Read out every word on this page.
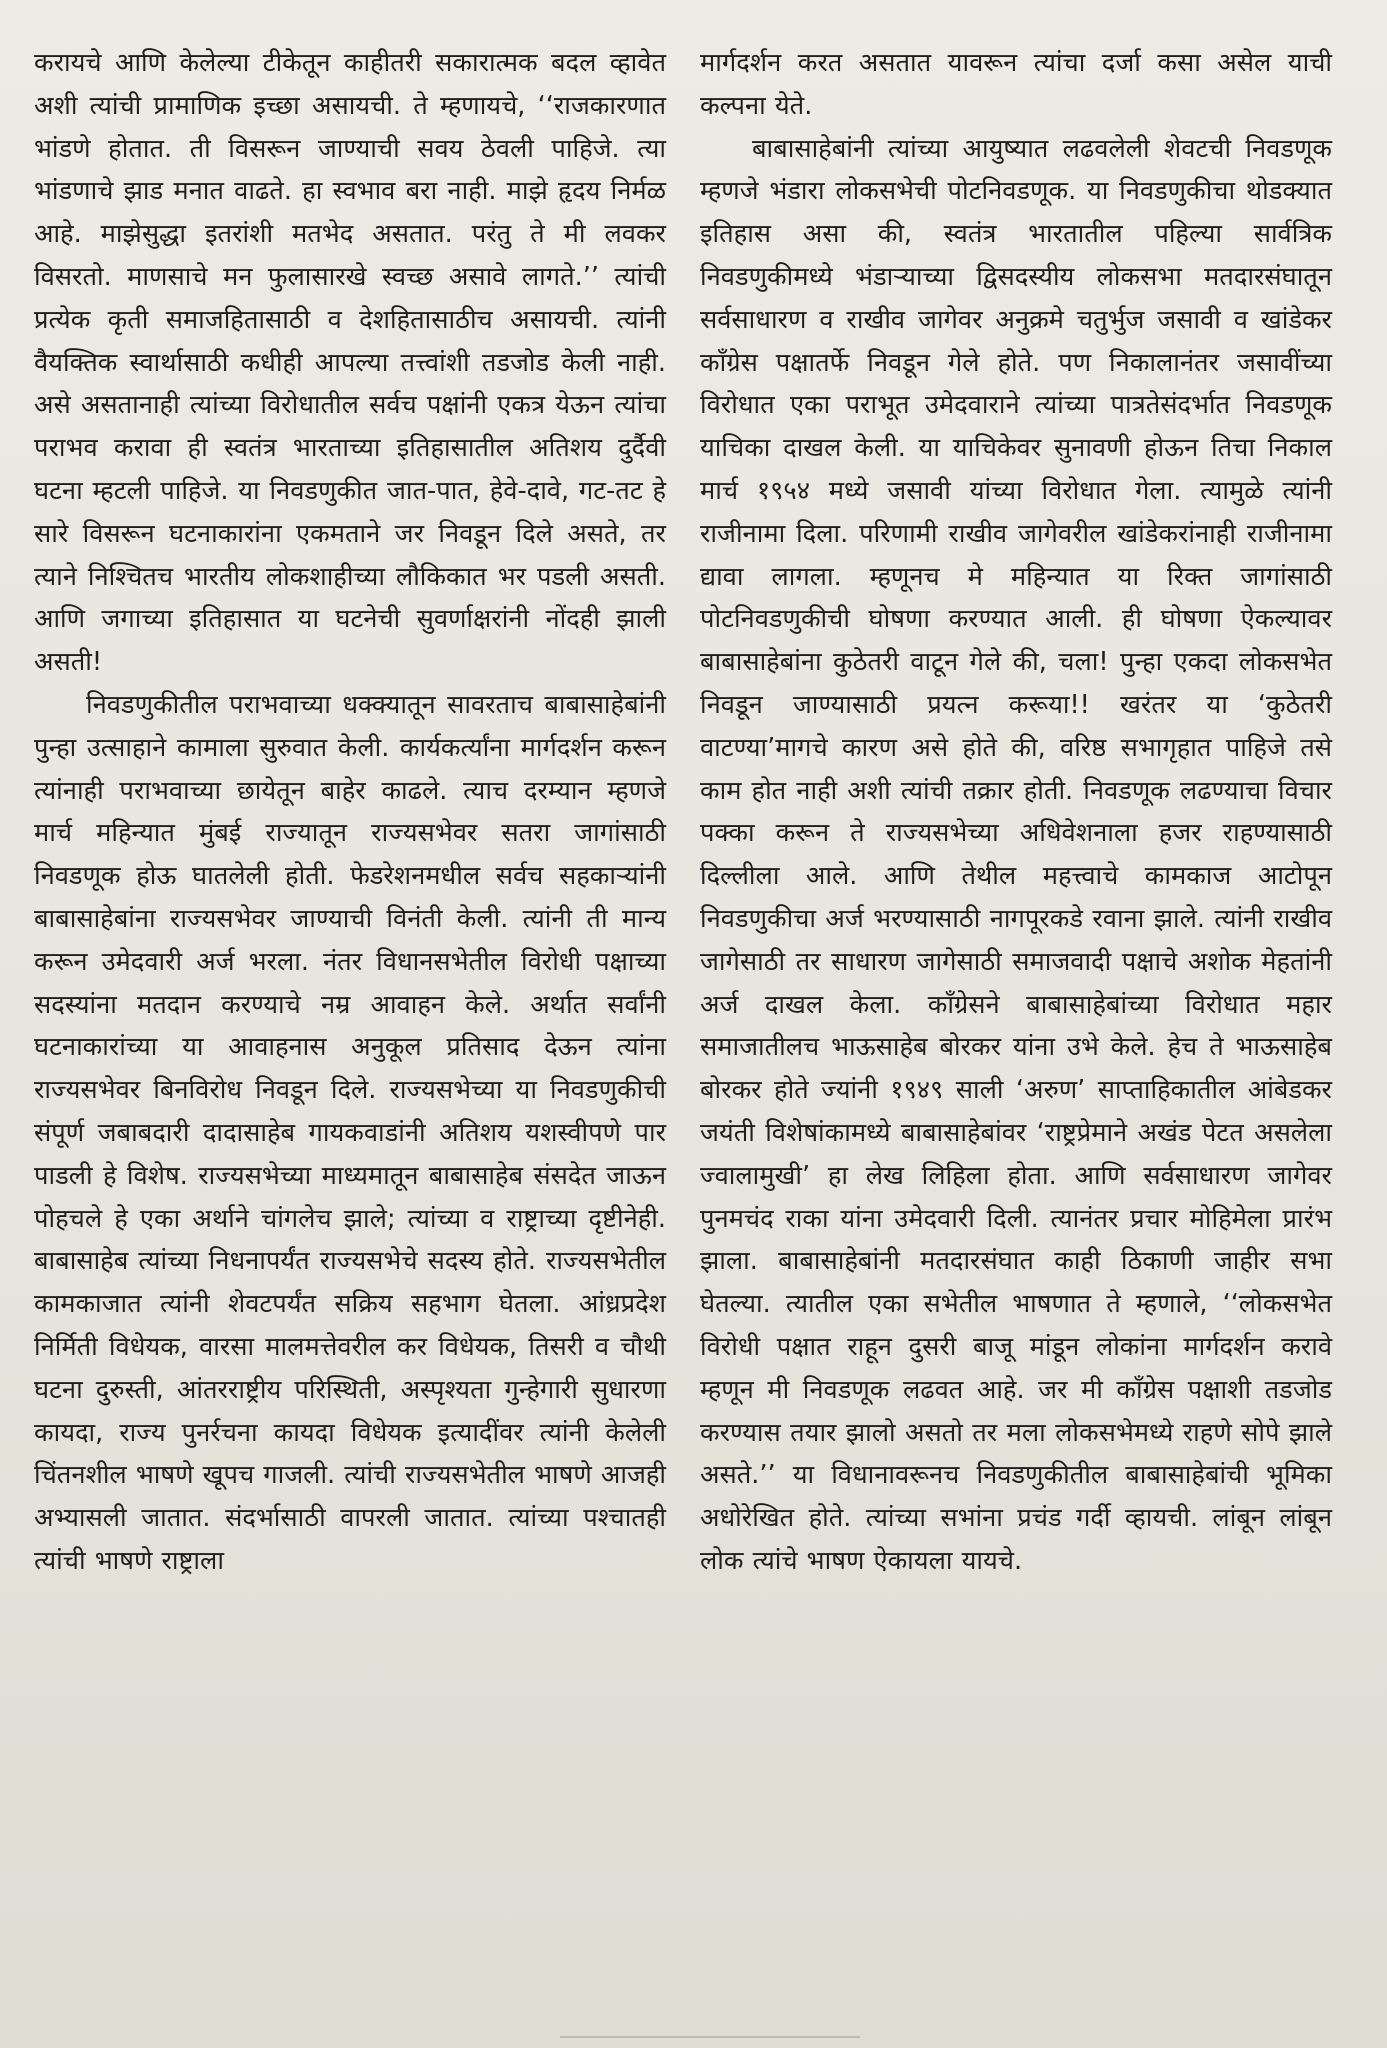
करायचे आणि केलेल्या टीकेतून काहीतरी सकारात्मक बदल व्हावेत अशी त्यांची प्रामाणिक इच्छा असायची. ते म्हणायचे, ‘‘राजकारणात भांडणे होतात. ती विसरून जाण्याची सवय ठेवली पाहिजे. त्या भांडणाचे झाड मनात वाढते. हा स्वभाव बरा नाही. माझे हृदय निर्मळ आहे. माझेसुद्धा इतरांशी मतभेद असतात. परंतु ते मी लवकर विसरतो. माणसाचे मन फुलासारखे स्वच्छ असावे लागते.’’ त्यांची प्रत्येक कृती समाजहितासाठी व देशहितासाठीच असायची. त्यांनी वैयक्तिक स्वार्थासाठी कधीही आपल्या तत्त्वांशी तडजोड केली नाही. असे असतानाही त्यांच्या विरोधातील सर्वच पक्षांनी एकत्र येऊन त्यांचा पराभव करावा ही स्वतंत्र भारताच्या इतिहासातील अतिशय दुर्दैवी घटना म्हटली पाहिजे. या निवडणुकीत जात-पात, हेवे-दावे, गट-तट हे सारे विसरून घटनाकारांना एकमताने जर निवडून दिले असते, तर त्याने निश्चितच भारतीय लोकशाहीच्या लौकिकात भर पडली असती. आणि जगाच्या इतिहासात या घटनेची सुवर्णाक्षरांनी नोंदही झाली असती!

निवडणुकीतील पराभवाच्या धक्क्यातून सावरताच बाबासाहेबांनी पुन्हा उत्साहाने कामाला सुरुवात केली. कार्यकर्त्यांना मार्गदर्शन करून त्यांनाही पराभवाच्या छायेतून बाहेर काढले. त्याच दरम्यान म्हणजे मार्च महिन्यात मुंबई राज्यातून राज्यसभेवर सतरा जागांसाठी निवडणूक होऊ घातलेली होती. फेडरेशनमधील सर्वच सहकाऱ्यांनी बाबासाहेबांना राज्यसभेवर जाण्याची विनंती केली. त्यांनी ती मान्य करून उमेदवारी अर्ज भरला. नंतर विधानसभेतील विरोधी पक्षाच्या सदस्यांना मतदान करण्याचे नम्र आवाहन केले. अर्थात सर्वांनी घटनाकारांच्या या आवाहनास अनुकूल प्रतिसाद देऊन त्यांना राज्यसभेवर बिनविरोध निवडून दिले. राज्यसभेच्या या निवडणुकीची संपूर्ण जबाबदारी दादासाहेब गायकवाडांनी अतिशय यशस्वीपणे पार पाडली हे विशेष. राज्यसभेच्या माध्यमातून बाबासाहेब संसदेत जाऊन पोहचले हे एका अर्थाने चांगलेच झाले; त्यांच्या व राष्ट्राच्या दृष्टीनेही. बाबासाहेब त्यांच्या निधनापर्यंत राज्यसभेचे सदस्य होते. राज्यसभेतील कामकाजात त्यांनी शेवटपर्यंत सक्रिय सहभाग घेतला. आंध्रप्रदेश निर्मिती विधेयक, वारसा मालमत्तेवरील कर विधेयक, तिसरी व चौथी घटना दुरुस्ती, आंतरराष्ट्रीय परिस्थिती, अस्पृश्यता गुन्हेगारी सुधारणा कायदा, राज्य पुनर्रचना कायदा विधेयक इत्यादींवर त्यांनी केलेली चिंतनशील भाषणे खूपच गाजली. त्यांची राज्यसभेतील भाषणे आजही अभ्यासली जातात. संदर्भासाठी वापरली जातात. त्यांच्या पश्चातही त्यांची भाषणे राष्ट्राला

मार्गदर्शन करत असतात यावरून त्यांचा दर्जा कसा असेल याची कल्पना येते.

बाबासाहेबांनी त्यांच्या आयुष्यात लढवलेली शेवटची निवडणूक म्हणजे भंडारा लोकसभेची पोटनिवडणूक. या निवडणुकीचा थोडक्यात इतिहास असा की, स्वतंत्र भारतातील पहिल्या सार्वत्रिक निवडणुकीमध्ये भंडाऱ्याच्या द्विसदस्यीय लोकसभा मतदारसंघातून सर्वसाधारण व राखीव जागेवर अनुक्रमे चतुर्भुज जसावी व खांडेकर काँग्रेस पक्षातर्फे निवडून गेले होते. पण निकालानंतर जसावींच्या विरोधात एका पराभूत उमेदवाराने त्यांच्या पात्रतेसंदर्भात निवडणूक याचिका दाखल केली. या याचिकेवर सुनावणी होऊन तिचा निकाल मार्च १९५४ मध्ये जसावी यांच्या विरोधात गेला. त्यामुळे त्यांनी राजीनामा दिला. परिणामी राखीव जागेवरील खांडेकरांनाही राजीनामा द्यावा लागला. म्हणूनच मे महिन्यात या रिक्त जागांसाठी पोटनिवडणुकीची घोषणा करण्यात आली. ही घोषणा ऐकल्यावर बाबासाहेबांना कुठेतरी वाटून गेले की, चला! पुन्हा एकदा लोकसभेत निवडून जाण्यासाठी प्रयत्न करूया!! खरंतर या ‘कुठेतरी वाटण्या’मागचे कारण असे होते की, वरिष्ठ सभागृहात पाहिजे तसे काम होत नाही अशी त्यांची तक्रार होती. निवडणूक लढण्याचा विचार पक्का करून ते राज्यसभेच्या अधिवेशनाला हजर राहण्यासाठी दिल्लीला आले. आणि तेथील महत्त्वाचे कामकाज आटोपून निवडणुकीचा अर्ज भरण्यासाठी नागपूरकडे रवाना झाले. त्यांनी राखीव जागेसाठी तर साधारण जागेसाठी समाजवादी पक्षाचे अशोक मेहतांनी अर्ज दाखल केला. काँग्रेसने बाबासाहेबांच्या विरोधात महार समाजातीलच भाऊसाहेब बोरकर यांना उभे केले. हेच ते भाऊसाहेब बोरकर होते ज्यांनी १९४९ साली ‘अरुण’ साप्ताहिकातील आंबेडकर जयंती विशेषांकामध्ये बाबासाहेबांवर ‘राष्ट्रप्रेमाने अखंड पेटत असलेला ज्वालामुखी’ हा लेख लिहिला होता. आणि सर्वसाधारण जागेवर पुनमचंद राका यांना उमेदवारी दिली. त्यानंतर प्रचार मोहिमेला प्रारंभ झाला. बाबासाहेबांनी मतदारसंघात काही ठिकाणी जाहीर सभा घेतल्या. त्यातील एका सभेतील भाषणात ते म्हणाले, ‘‘लोकसभेत विरोधी पक्षात राहून दुसरी बाजू मांडून लोकांना मार्गदर्शन करावे म्हणून मी निवडणूक लढवत आहे. जर मी काँग्रेस पक्षाशी तडजोड करण्यास तयार झालो असतो तर मला लोकसभेमध्ये राहणे सोपे झाले असते.’’ या विधानावरूनच निवडणुकीतील बाबासाहेबांची भूमिका अधोरेखित होते. त्यांच्या सभांना प्रचंड गर्दी व्हायची. लांबून लांबून लोक त्यांचे भाषण ऐकायला यायचे.
